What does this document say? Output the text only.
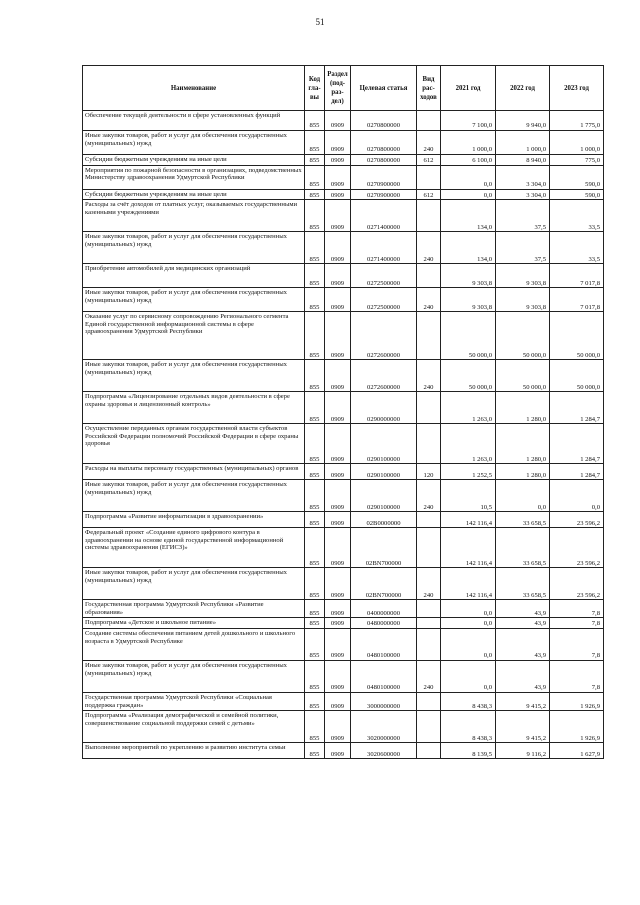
51
Наименование	Код гла-вы	Раздел (под-раз-дел)	Целевая статья	Вид рас-ходов	2021 год	2022 год	2023 год
Обеспечение текущей деятельности в сфере установленных функций	855	0909	0270800000		7 100,0	9 940,0	1 775,0
Иные закупки товаров, работ и услуг для обеспечения государственных (муниципальных) нужд	855	0909	0270800000	240	1 000,0	1 000,0	1 000,0
Субсидии бюджетным учреждениям на иные цели	855	0909	0270800000	612	6 100,0	8 940,0	775,0
Мероприятия по пожарной безопасности в организациях, подведомственных Министерству здравоохранения Удмуртской Республики	855	0909	0270900000		0,0	3 304,0	590,0
Субсидии бюджетным учреждениям на иные цели	855	0909	0270900000	612	0,0	3 304,0	590,0
Расходы за счёт доходов от платных услуг, оказываемых государственными казенными учреждениями	855	0909	0271400000		134,0	37,5	33,5
Иные закупки товаров, работ и услуг для обеспечения государственных (муниципальных) нужд	855	0909	0271400000	240	134,0	37,5	33,5
Приобретение автомобилей для медицинских организаций	855	0909	0272500000		9 303,8	9 303,8	7 017,8
Иные закупки товаров, работ и услуг для обеспечения государственных (муниципальных) нужд	855	0909	0272500000	240	9 303,8	9 303,8	7 017,8
Оказание услуг по сервисному сопровождению Регионального сегмента Единой государственной информационной системы в сфере здравоохранения Удмуртской Республики	855	0909	0272600000		50 000,0	50 000,0	50 000,0
Иные закупки товаров, работ и услуг для обеспечения государственных (муниципальных) нужд	855	0909	0272600000	240	50 000,0	50 000,0	50 000,0
Подпрограмма «Лицензирование отдельных видов деятельности в сфере охраны здоровья и лицензионный контроль»	855	0909	0290000000		1 263,0	1 280,0	1 284,7
Осуществление переданных органам государственной власти субъектов Российской Федерации полномочий Российской Федерации в сфере охраны здоровья	855	0909	0290100000		1 263,0	1 280,0	1 284,7
Расходы на выплаты персоналу государственных (муниципальных) органов	855	0909	0290100000	120	1 252,5	1 280,0	1 284,7
Иные закупки товаров, работ и услуг для обеспечения государственных (муниципальных) нужд	855	0909	0290100000	240	10,5	0,0	0,0
Подпрограмма «Развитие информатизации в здравоохранении»	855	0909	02В0000000		142 116,4	33 658,5	23 596,2
Федеральный проект «Создание единого цифрового контура в здравоохранении на основе единой государственной информационной системы здравоохранения (ЕГИСЗ)»	855	0909	02ВN700000		142 116,4	33 658,5	23 596,2
Иные закупки товаров, работ и услуг для обеспечения государственных (муниципальных) нужд	855	0909	02ВN700000	240	142 116,4	33 658,5	23 596,2
Государственная программа Удмуртской Республики «Развитие образования»	855	0909	0400000000		0,0	43,9	7,8
Подпрограмма «Детское и школьное питание»	855	0909	0480000000		0,0	43,9	7,8
Создание системы обеспечения питанием детей дошкольного и школьного возраста в Удмуртской Республике	855	0909	0480100000		0,0	43,9	7,8
Иные закупки товаров, работ и услуг для обеспечения государственных (муниципальных) нужд	855	0909	0480100000	240	0,0	43,9	7,8
Государственная программа Удмуртской Республики «Социальная поддержка граждан»	855	0909	3000000000		8 438,3	9 415,2	1 926,9
Подпрограмма «Реализация демографической и семейной политики, совершенствование социальной поддержки семей с детьми»	855	0909	3020000000		8 438,3	9 415,2	1 926,9
Выполнение мероприятий по укреплению и развитию института семьи	855	0909	3020600000		8 139,5	9 116,2	1 627,9
